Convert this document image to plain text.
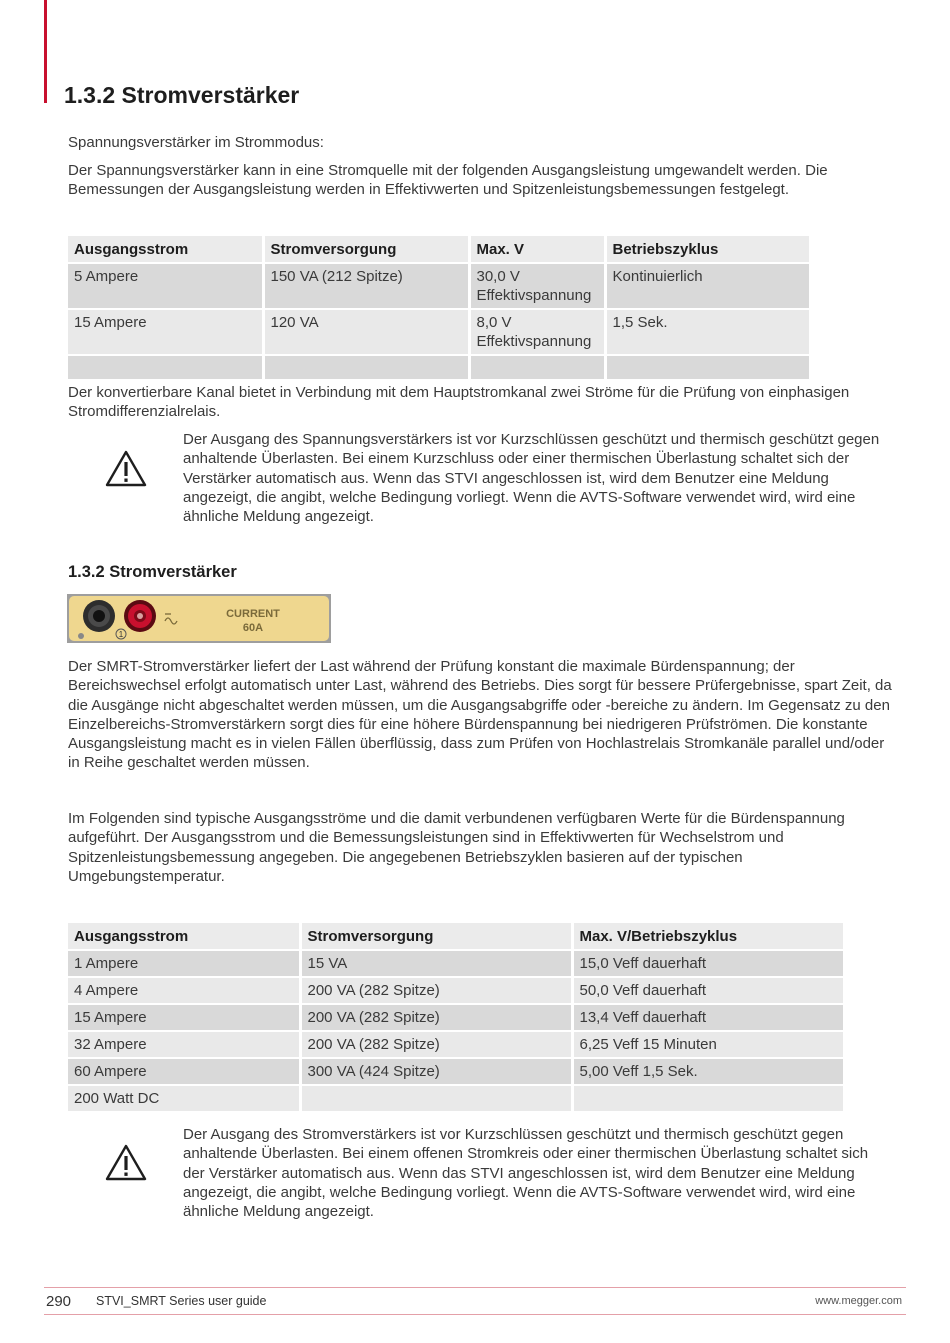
1.3.2 Stromverstärker

Spannungsverstärker im Strommodus:

Der Spannungsverstärker kann in eine Stromquelle mit der folgenden Ausgangsleistung umgewandelt werden. Die Bemessungen der Ausgangsleistung werden in Effektivwerten und Spitzenleistungsbemessungen festgelegt.

Ausgangsstrom	Stromversorgung	Max. V	Betriebszyklus
5 Ampere	150 VA (212 Spitze)	30,0 V Effektivspannung	Kontinuierlich
15 Ampere	120 VA	8,0 V Effektivspannung	1,5 Sek.

Der konvertierbare Kanal bietet in Verbindung mit dem Hauptstromkanal zwei Ströme für die Prüfung von einphasigen Stromdifferenzialrelais.

Der Ausgang des Spannungsverstärkers ist vor Kurzschlüssen geschützt und thermisch geschützt gegen anhaltende Überlasten. Bei einem Kurzschluss oder einer thermischen Überlastung schaltet sich der Verstärker automatisch aus. Wenn das STVI angeschlossen ist, wird dem Benutzer eine Meldung angezeigt, die angibt, welche Bedingung vorliegt. Wenn die AVTS-Software verwendet wird, wird eine ähnliche Meldung angezeigt.

1.3.2 Stromverstärker
1
CURRENT
60A

Der SMRT-Stromverstärker liefert der Last während der Prüfung konstant die maximale Bürdenspannung; der Bereichswechsel erfolgt automatisch unter Last, während des Betriebs. Dies sorgt für bessere Prüfergebnisse, spart Zeit, da die Ausgänge nicht abgeschaltet werden müssen, um die Ausgangsabgriffe oder -bereiche zu ändern. Im Gegensatz zu den Einzelbereichs-Stromverstärkern sorgt dies für eine höhere Bürdenspannung bei niedrigeren Prüfströmen. Die konstante Ausgangsleistung macht es in vielen Fällen überflüssig, dass zum Prüfen von Hochlastrelais Stromkanäle parallel und/oder in Reihe geschaltet werden müssen.

Im Folgenden sind typische Ausgangsströme und die damit verbundenen verfügbaren Werte für die Bürdenspannung aufgeführt. Der Ausgangsstrom und die Bemessungsleistungen sind in Effektivwerten für Wechselstrom und Spitzenleistungsbemessung angegeben. Die angegebenen Betriebszyklen basieren auf der typischen Umgebungstemperatur.

Ausgangsstrom	Stromversorgung	Max. V/Betriebszyklus
1 Ampere	15 VA	15,0 Veff dauerhaft
4 Ampere	200 VA (282 Spitze)	50,0 Veff dauerhaft
15 Ampere	200 VA (282 Spitze)	13,4 Veff dauerhaft
32 Ampere	200 VA (282 Spitze)	6,25 Veff 15 Minuten
60 Ampere	300 VA (424 Spitze)	5,00 Veff 1,5 Sek.
200 Watt DC		

Der Ausgang des Stromverstärkers ist vor Kurzschlüssen geschützt und thermisch geschützt gegen anhaltende Überlasten. Bei einem offenen Stromkreis oder einer thermischen Überlastung schaltet sich der Verstärker automatisch aus. Wenn das STVI angeschlossen ist, wird dem Benutzer eine Meldung angezeigt, die angibt, welche Bedingung vorliegt. Wenn die AVTS-Software verwendet wird, wird eine ähnliche Meldung angezeigt.

290 STVI_SMRT Series user guide	www.megger.com
